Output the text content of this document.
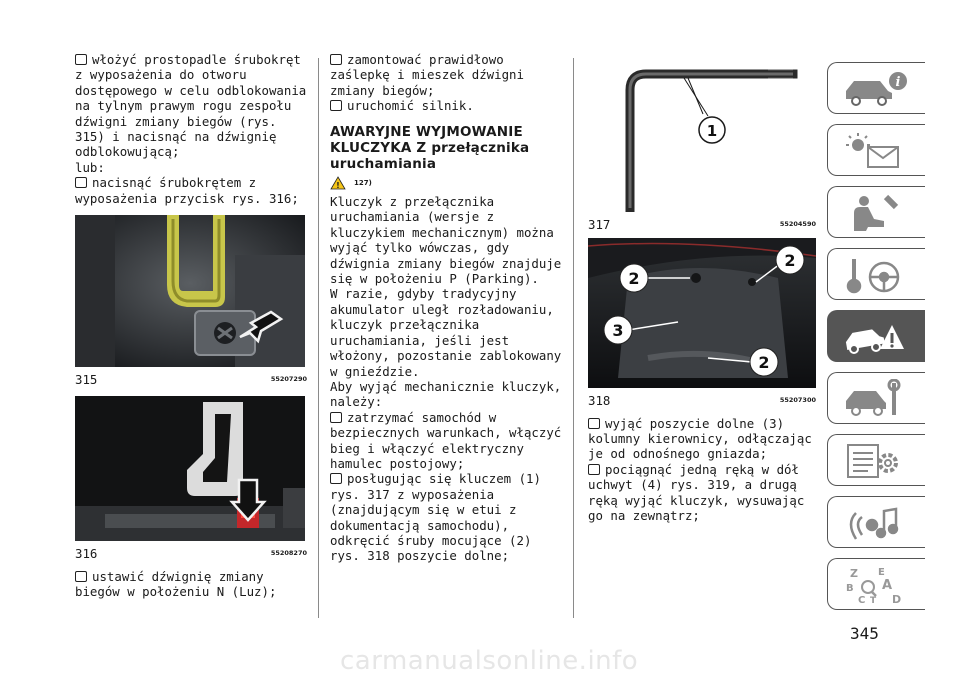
włożyć prostopadle śrubokręt z wyposażenia do otworu dostępowego w celu odblokowania na tylnym prawym rogu zespołu dźwigni zmiany biegów (rys. 315) i nacisnąć na dźwignię odblokowującą;

lub:

nacisnąć śrubokrętem z wyposażenia przycisk rys. 316;

315	55207290
316	55208270

ustawić dźwignię zmiany biegów w położeniu N (Luz);

zamontować prawidłowo zaślepkę i mieszek dźwigni zmiany biegów;

uruchomić silnik.

AWARYJNE WYJMOWANIE KLUCZYKA Z przełącznika uruchamiania

! 127)

Kluczyk z przełącznika uruchamiania (wersje z kluczykiem mechanicznym) można wyjąć tylko wówczas, gdy dźwignia zmiany biegów znajduje się w położeniu P (Parking).

W razie, gdyby tradycyjny akumulator uległ rozładowaniu, kluczyk przełącznika uruchamiania, jeśli jest włożony, pozostanie zablokowany w gnieździe.

Aby wyjąć mechanicznie kluczyk, należy:

zatrzymać samochód w bezpiecznych warunkach, włączyć bieg i włączyć elektryczny hamulec postojowy;

posługując się kluczem (1) rys. 317 z wyposażenia (znajdującym się w etui z dokumentacją samochodu), odkręcić śruby mocujące (2) rys. 318 poszycie dolne;

1
317	55204590
2
2
3
2
318	55207300

wyjąć poszycie dolne (3) kolumny kierownicy, odłączając je od odnośnego gniazda;

pociągnąć jedną ręką w dół uchwyt (4) rys. 319, a drugą ręką wyjąć kluczyk, wysuwając go na zewnątrz;

i
Z E
B A
C D
T
345
carmanualsonline.info
